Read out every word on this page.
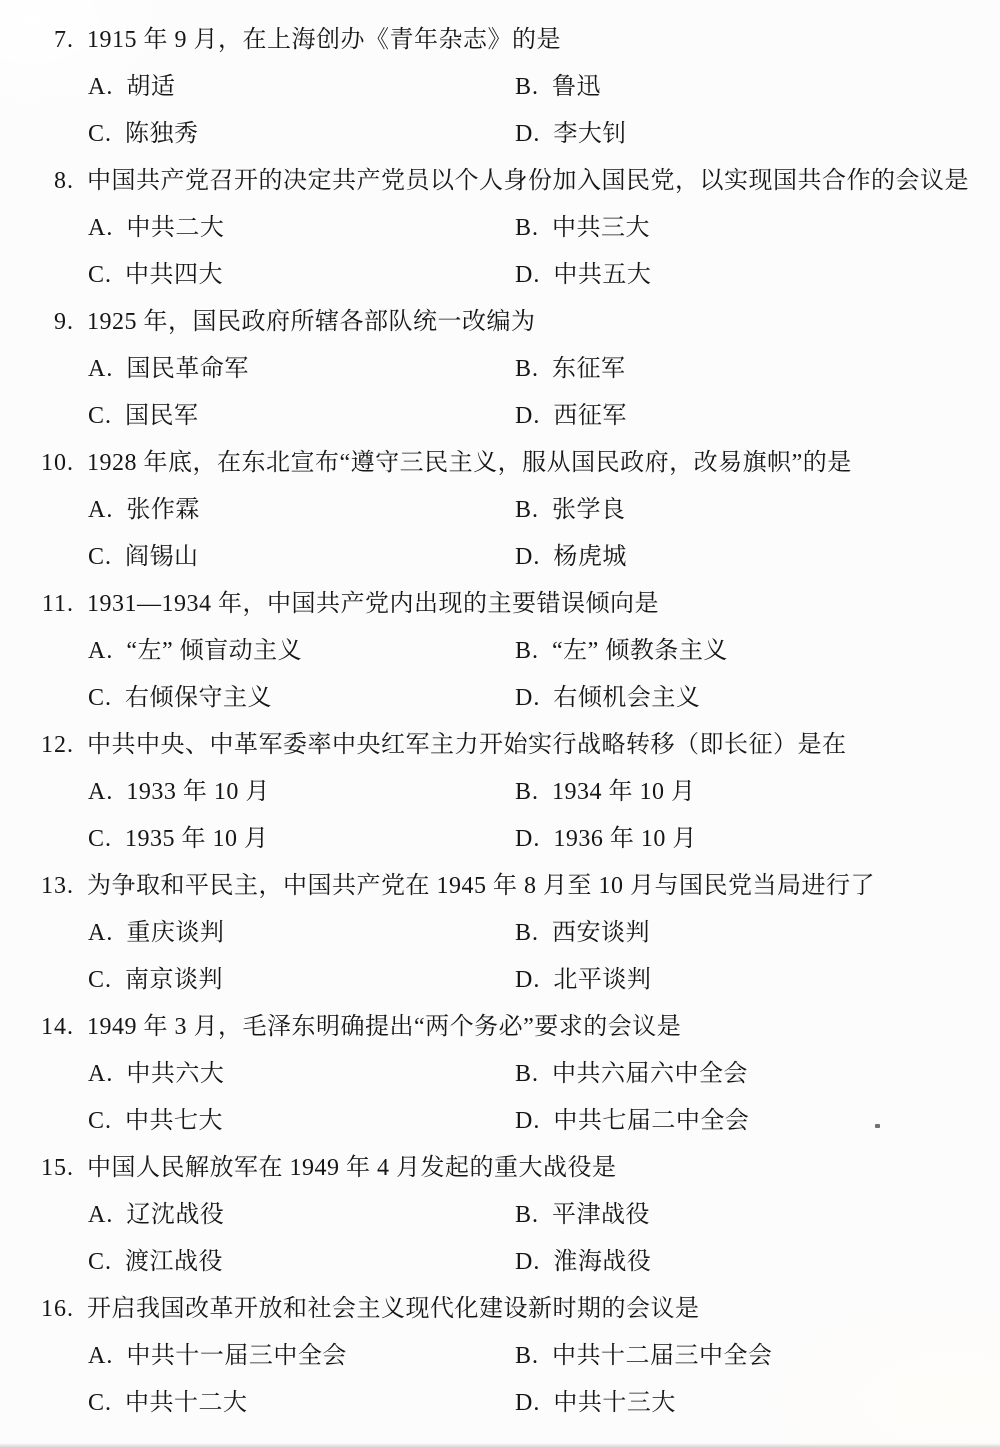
7. 1915 年 9 月，在上海创办《青年杂志》的是
A. 胡适	B. 鲁迅
C. 陈独秀	D. 李大钊
8. 中国共产党召开的决定共产党员以个人身份加入国民党，以实现国共合作的会议是
A. 中共二大	B. 中共三大
C. 中共四大	D. 中共五大
9. 1925 年，国民政府所辖各部队统一改编为
A. 国民革命军	B. 东征军
C. 国民军	D. 西征军
10. 1928 年底，在东北宣布“遵守三民主义，服从国民政府，改易旗帜”的是
A. 张作霖	B. 张学良
C. 阎锡山	D. 杨虎城
11. 1931—1934 年，中国共产党内出现的主要错误倾向是
A. “左” 倾盲动主义	B. “左” 倾教条主义
C. 右倾保守主义	D. 右倾机会主义
12. 中共中央、中革军委率中央红军主力开始实行战略转移（即长征）是在
A. 1933 年 10 月	B. 1934 年 10 月
C. 1935 年 10 月	D. 1936 年 10 月
13. 为争取和平民主，中国共产党在 1945 年 8 月至 10 月与国民党当局进行了
A. 重庆谈判	B. 西安谈判
C. 南京谈判	D. 北平谈判
14. 1949 年 3 月，毛泽东明确提出“两个务必”要求的会议是
A. 中共六大	B. 中共六届六中全会
C. 中共七大	D. 中共七届二中全会
15. 中国人民解放军在 1949 年 4 月发起的重大战役是
A. 辽沈战役	B. 平津战役
C. 渡江战役	D. 淮海战役
16. 开启我国改革开放和社会主义现代化建设新时期的会议是
A. 中共十一届三中全会	B. 中共十二届三中全会
C. 中共十二大	D. 中共十三大
